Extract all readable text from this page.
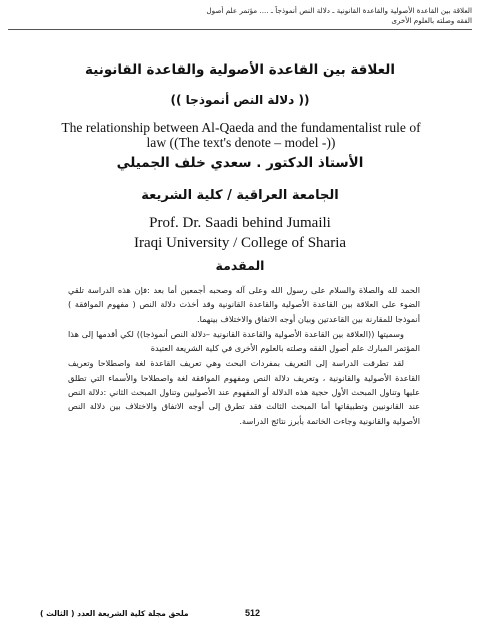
العلاقة بين القاعدة الأصولية والقاعدة القانونية ـ دلالة النص أنموذجاً ـ .... مؤتمر علم أصول
الفقه وصلته بالعلوم الأخرى
العلاقة بين القاعدة الأصولية والقاعدة القانونية
(( دلالة النص أنموذجا ))
The relationship between Al-Qaeda and the fundamentalist rule of law ((The text's denote – model -))
الأستاذ الدكتور . سعدي خلف الجميلي
الجامعة العراقية / كلية الشريعة
Prof. Dr. Saadi behind Jumaili
Iraqi University / College of Sharia
المقدمة

الحمد لله والصلاة والسلام على رسول الله وعلى آله وصحبه أجمعين أما بعد :فإن هذه الدراسة تلقي الضوء على العلاقة بين القاعدة الأصولية والقاعدة القانونية وقد أخذت دلالة النص ( مفهوم الموافقة ) أنموذجا للمقارنة بين القاعدتين وبيان أوجه الاتفاق والاختلاف بينهما.

وسميتها ((العلاقة بين القاعدة الأصولية والقاعدة القانونية –دلالة النص أنموذجا)) لكي أقدمها إلى هذا المؤتمر المبارك علم أصول الفقه وصلته بالعلوم الأخرى في كلية الشريعة العتيدة

لقد تطرقت الدراسة إلى التعريف بمفردات البحث وهي تعريف القاعدة لغة واصطلاحا وتعريف القاعدة الأصولية والقانونية ، وتعريف دلالة النص ومفهوم الموافقة لغة واصطلاحا والأسماء التي تطلق عليها وتناول المبحث الأول حجية هذه الدلالة أو المفهوم عند الأصوليين وتناول المبحث الثاني :دلالة النص عند القانونيين وتطبيقاتها أما المبحث الثالث فقد تطرق إلى أوجه الاتفاق والاختلاف بين دلالة النص الأصولية والقانونية وجاءت الخاتمة بأبرز نتائج الدراسة.

ملحق مجلة كلية الشريعة العدد ( الثالث )	512
